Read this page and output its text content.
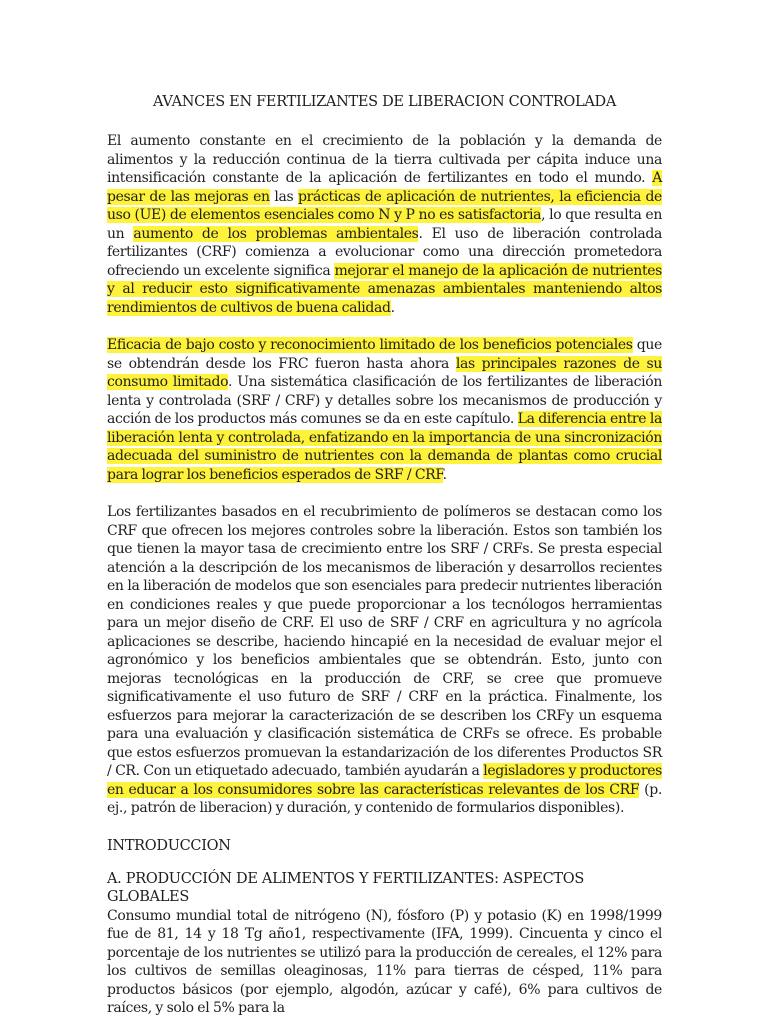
AVANCES EN FERTILIZANTES DE LIBERACION CONTROLADA

El aumento constante en el crecimiento de la población y la demanda de alimentos y la reducción continua de la tierra cultivada per cápita induce una intensificación constante de la aplicación de fertilizantes en todo el mundo. A pesar de las mejoras en las prácticas de aplicación de nutrientes, la eficiencia de uso (UE) de elementos esenciales como N y P no es satisfactoria, lo que resulta en un aumento de los problemas ambientales. El uso de liberación controlada fertilizantes (CRF) comienza a evolucionar como una dirección prometedora ofreciendo un excelente significa mejorar el manejo de la aplicación de nutrientes y al reducir esto significativamente amenazas ambientales manteniendo altos rendimientos de cultivos de buena calidad.

Eficacia de bajo costo y reconocimiento limitado de los beneficios potenciales que se obtendrán desde los FRC fueron hasta ahora las principales razones de su consumo limitado. Una sistemática clasificación de los fertilizantes de liberación lenta y controlada (SRF / CRF) y detalles sobre los mecanismos de producción y acción de los productos más comunes se da en este capítulo. La diferencia entre la liberación lenta y controlada, enfatizando en la importancia de una sincronización adecuada del suministro de nutrientes con la demanda de plantas como crucial para lograr los beneficios esperados de SRF / CRF.

Los fertilizantes basados en el recubrimiento de polímeros se destacan como los CRF que ofrecen los mejores controles sobre la liberación. Estos son también los que tienen la mayor tasa de crecimiento entre los SRF / CRFs. Se presta especial atención a la descripción de los mecanismos de liberación y desarrollos recientes en la liberación de modelos que son esenciales para predecir nutrientes liberación en condiciones reales y que puede proporcionar a los tecnólogos herramientas para un mejor diseño de CRF. El uso de SRF / CRF en agricultura y no agrícola aplicaciones se describe, haciendo hincapié en la necesidad de evaluar mejor el agronómico y los beneficios ambientales que se obtendrán. Esto, junto con mejoras tecnológicas en la producción de CRF, se cree que promueve significativamente el uso futuro de SRF / CRF en la práctica. Finalmente, los esfuerzos para mejorar la caracterización de se describen los CRFy un esquema para una evaluación y clasificación sistemática de CRFs se ofrece. Es probable que estos esfuerzos promuevan la estandarización de los diferentes Productos SR / CR. Con un etiquetado adecuado, también ayudarán a legisladores y productores en educar a los consumidores sobre las características relevantes de los CRF (p. ej., patrón de liberacion) y duración, y contenido de formularios disponibles).

INTRODUCCION
A. PRODUCCIÓN DE ALIMENTOS Y FERTILIZANTES: ASPECTOS GLOBALES

Consumo mundial total de nitrógeno (N), fósforo (P) y potasio (K) en 1998/1999 fue de 81, 14 y 18 Tg año1, respectivamente (IFA, 1999). Cincuenta y cinco el porcentaje de los nutrientes se utilizó para la producción de cereales, el 12% para los cultivos de semillas oleaginosas, 11% para tierras de césped, 11% para productos básicos (por ejemplo, algodón, azúcar y café), 6% para cultivos de raíces, y solo el 5% para la
